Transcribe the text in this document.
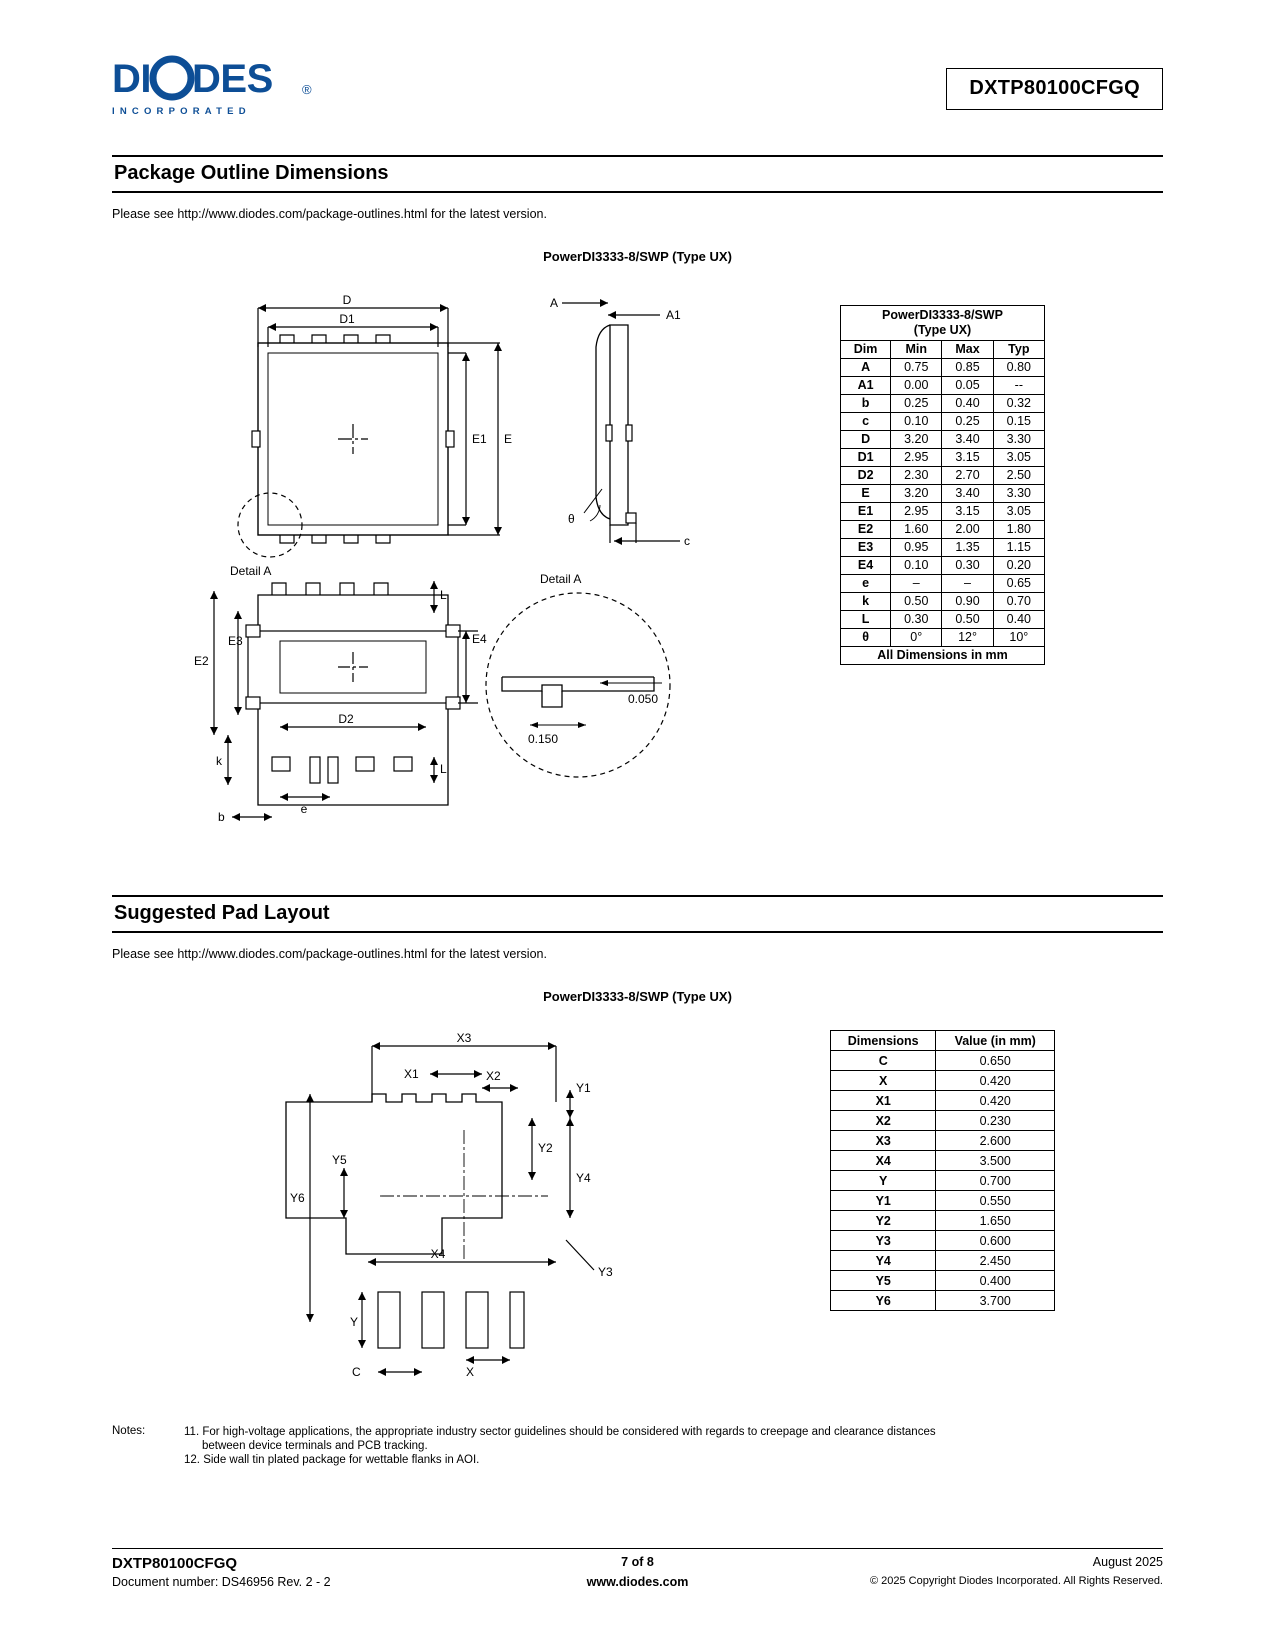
DI DES ®
INCORPORATED
DXTP80100CFGQ
Package Outline Dimensions
Please see http://www.diodes.com/package-outlines.html for the latest version.
PowerDI3333-8/SWP (Type UX)
D
D1
E1 E
Detail A
A
A1
θ
c
Detail A
0.050
0.150
E2
E3	E4
L
L
D2
k
e
b
PowerDI3333-8/SWP
(Type UX)			
Dim	Min	Max	Typ
A	0.75	0.85	0.80
A1	0.00	0.05	--
b	0.25	0.40	0.32
c	0.10	0.25	0.15
D	3.20	3.40	3.30
D1	2.95	3.15	3.05
D2	2.30	2.70	2.50
E	3.20	3.40	3.30
E1	2.95	3.15	3.05
E2	1.60	2.00	1.80
E3	0.95	1.35	1.15
E4	0.10	0.30	0.20
e	–	–	0.65
k	0.50	0.90	0.70
L	0.30	0.50	0.40
θ	0°	12°	10°
All Dimensions in mm			
Suggested Pad Layout
Please see http://www.diodes.com/package-outlines.html for the latest version.
PowerDI3333-8/SWP (Type UX)
X3
X1	X2
Y1
Y2
Y4
Y5
Y6
X4
Y3
Y
C	X
Dimensions	Value (in mm)
C	0.650
X	0.420
X1	0.420
X2	0.230
X3	2.600
X4	3.500
Y	0.700
Y1	0.550
Y2	1.650
Y3	0.600
Y4	2.450
Y5	0.400
Y6	3.700
Notes:	11. For high-voltage applications, the appropriate industry sector guidelines should be considered with regards to creepage and clearance distances
between device terminals and PCB tracking.
12. Side wall tin plated package for wettable flanks in AOI.
DXTP80100CFGQ	7 of 8	August 2025
Document number: DS46956 Rev. 2 - 2	www.diodes.com	© 2025 Copyright Diodes Incorporated. All Rights Reserved.
